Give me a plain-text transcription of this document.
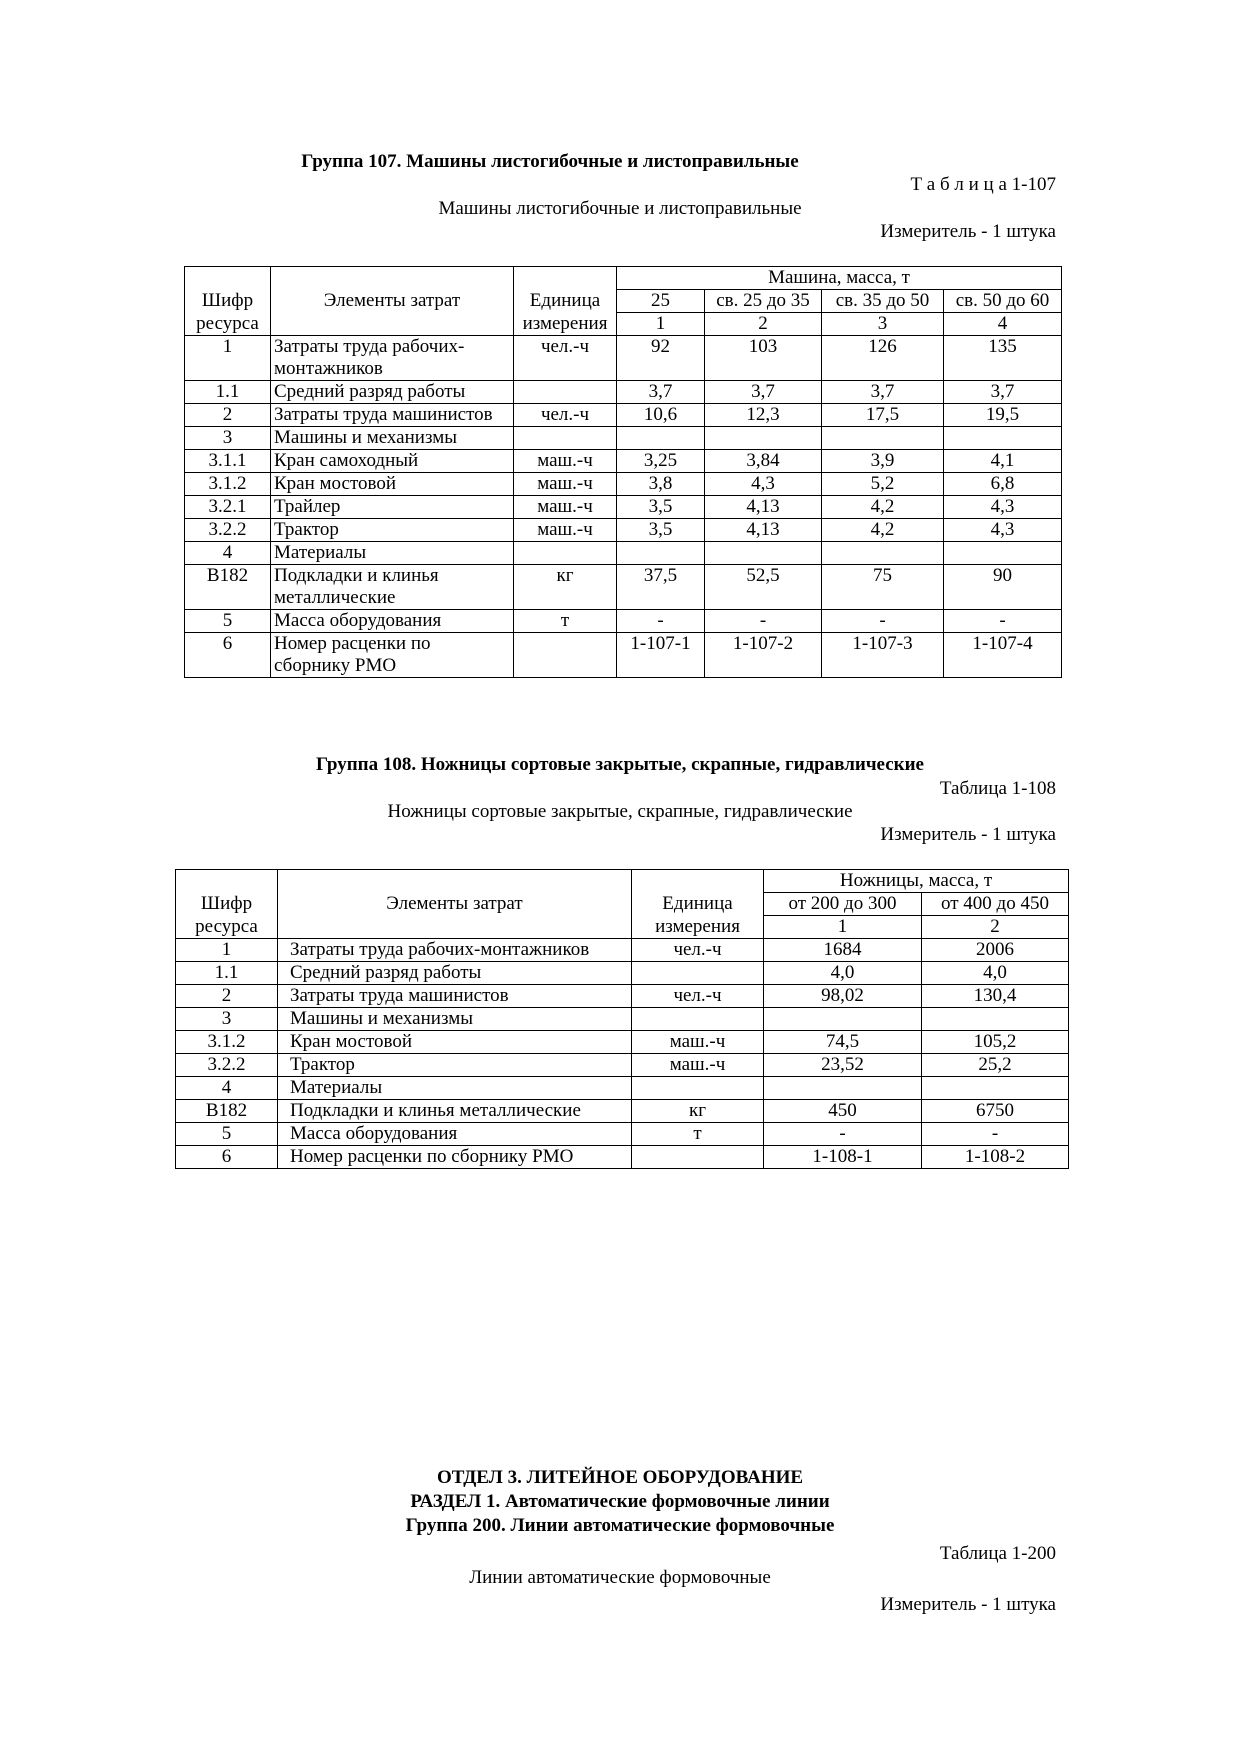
Группа 107. Машины листогибочные и листоправильные
Т а б л и ц а 1-107
Машины листогибочные и листоправильные
Измеритель - 1 штука
			Машина, масса, т			
Шифр	Элементы затрат	Единица	25	св. 25 до 35	св. 35 до 50	св. 50 до 60
ресурса		измерения	1	2	3	4
1	Затраты труда рабочих-монтажников	чел.-ч	92	103	126	135
1.1	Средний разряд работы		3,7	3,7	3,7	3,7
2	Затраты труда машинистов	чел.-ч	10,6	12,3	17,5	19,5
3	Машины и механизмы					
3.1.1	Кран самоходный	маш.-ч	3,25	3,84	3,9	4,1
3.1.2	Кран мостовой	маш.-ч	3,8	4,3	5,2	6,8
3.2.1	Трайлер	маш.-ч	3,5	4,13	4,2	4,3
3.2.2	Трактор	маш.-ч	3,5	4,13	4,2	4,3
4	Материалы					
В182	Подкладки и клинья металлические	кг	37,5	52,5	75	90
5	Масса оборудования	т	-	-	-	-
6	Номер расценки по сборнику РМО		1-107-1	1-107-2	1-107-3	1-107-4
Группа 108. Ножницы сортовые закрытые, скрапные, гидравлические
Таблица 1-108
Ножницы сортовые закрытые, скрапные, гидравлические
Измеритель - 1 штука
			Ножницы, масса, т	
Шифр	Элементы затрат	Единица	от 200 до 300	от 400 до 450
ресурса		измерения	1	2
1	Затраты труда рабочих-монтажников	чел.-ч	1684	2006
1.1	Средний разряд работы		4,0	4,0
2	Затраты труда машинистов	чел.-ч	98,02	130,4
3	Машины и механизмы			
3.1.2	Кран мостовой	маш.-ч	74,5	105,2
3.2.2	Трактор	маш.-ч	23,52	25,2
4	Материалы			
В182	Подкладки и клинья металлические	кг	450	6750
5	Масса оборудования	т	-	-
6	Номер расценки по сборнику РМО		1-108-1	1-108-2
ОТДЕЛ 3. ЛИТЕЙНОЕ ОБОРУДОВАНИЕ
РАЗДЕЛ 1. Автоматические формовочные линии
Группа 200. Линии автоматические формовочные
Таблица 1-200
Линии автоматические формовочные
Измеритель - 1 штука
